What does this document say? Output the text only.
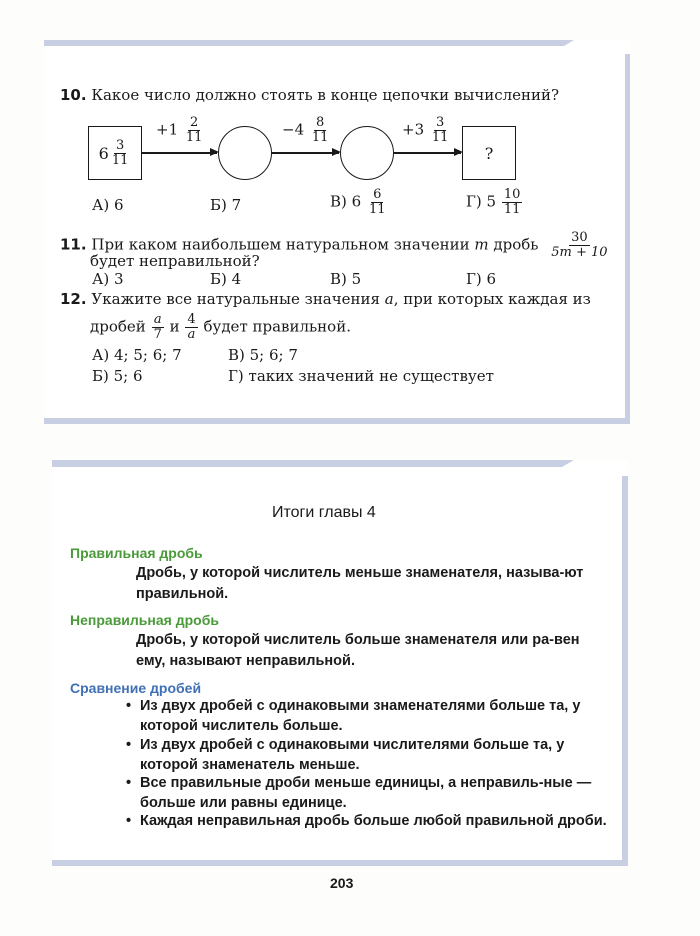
10. Какое число должно стоять в конце цепочки вычислений?
$6 \frac{3}{11}$
$+1 \frac{2}{11}$	$-4 \frac{8}{11}$	$+3 \frac{3}{11}$
?
А) 6	Б) 7	В) $6 \frac{6}{11}$	Г) $5 \frac{10}{11}$
11. При каком наибольшем натуральном значении m дробь $\frac{30}{5m + 10}$
будет неправильной?
А) 3	Б) 4	В) 5	Г) 6
12. Укажите все натуральные значения a, при которых каждая из
дробей $\frac{a}{7}$ и $\frac{4}{a}$ будет правильной.
А) 4; 5; 6; 7	В) 5; 6; 7
Б) 5; 6	Г) таких значений не существует
Итоги главы 4
Правильная дробь
Дробь, у которой числитель меньше знаменателя, называ-ют правильной.
Неправильная дробь
Дробь, у которой числитель больше знаменателя или ра-вен ему, называют неправильной.
Сравнение дробей
• Из двух дробей с одинаковыми знаменателями больше та, у которой числитель больше.
• Из двух дробей с одинаковыми числителями больше та, у которой знаменатель меньше.
• Все правильные дроби меньше единицы, а неправиль-ные — больше или равны единице.
• Каждая неправильная дробь больше любой правильной дроби.
203
